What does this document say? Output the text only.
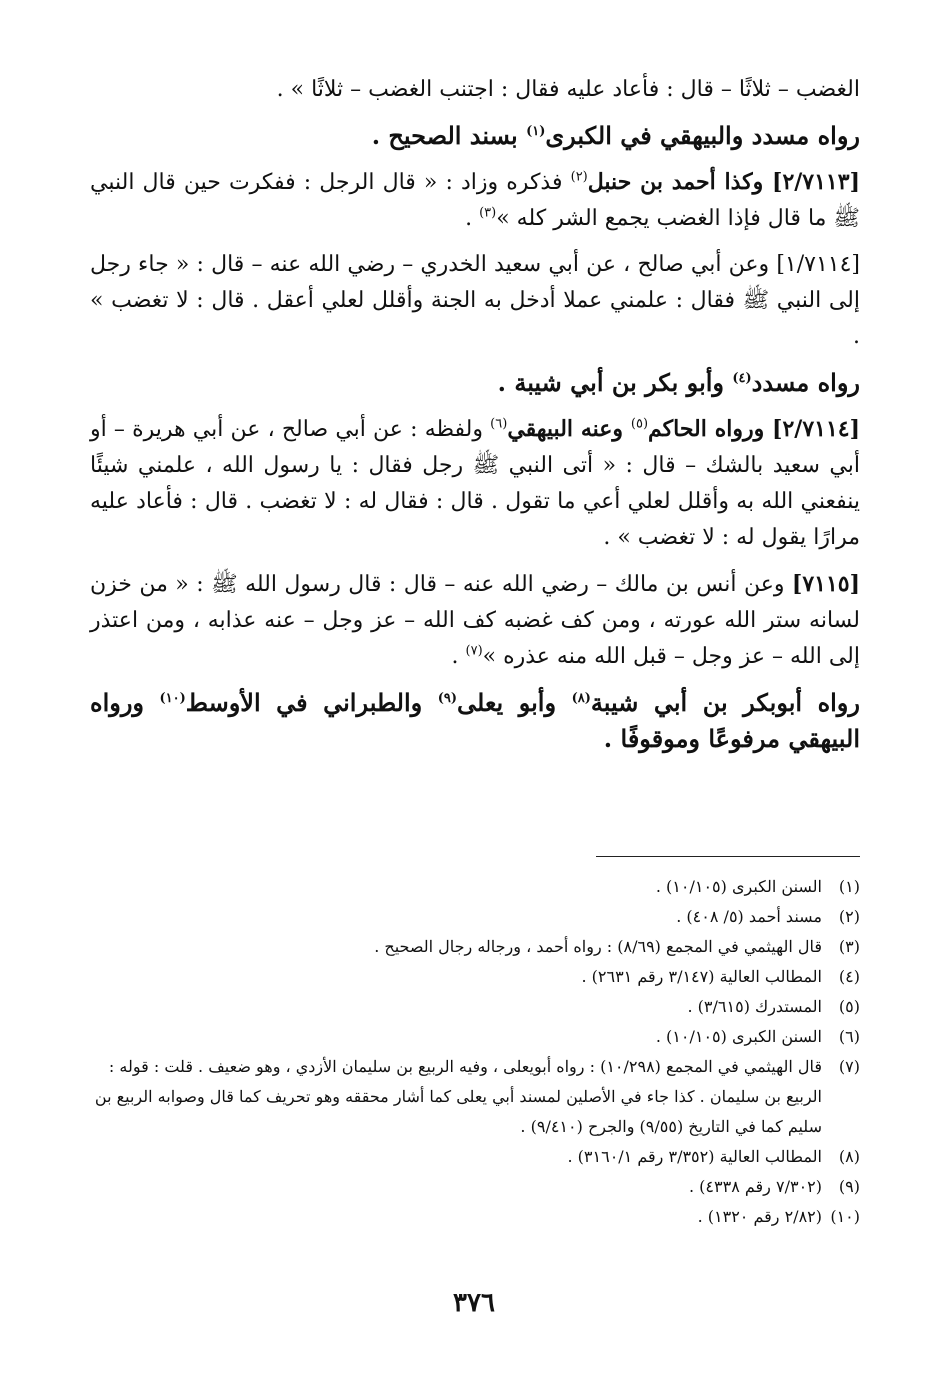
الغضب – ثلاثًا – قال : فأعاد عليه فقال : اجتنب الغضب – ثلاثًا » .

رواه مسدد والبيهقي في الكبرى$^{(١)}$ بسند الصحيح .

[٢/٧١١٣] وكذا أحمد بن حنبل$^{(٢)}$ فذكره وزاد : « قال الرجل : ففكرت حين قال النبي ﷺ ما قال فإذا الغضب يجمع الشر كله »$^{(٣)}$ .

[١/٧١١٤] وعن أبي صالح ، عن أبي سعيد الخدري – رضي الله عنه – قال : « جاء رجل إلى النبي ﷺ فقال : علمني عملا أدخل به الجنة وأقلل لعلي أعقل . قال : لا تغضب » .

رواه مسدد$^{(٤)}$ وأبو بكر بن أبي شيبة .

[٢/٧١١٤] ورواه الحاكم$^{(٥)}$ وعنه البيهقي$^{(٦)}$ ولفظه : عن أبي صالح ، عن أبي هريرة – أو أبي سعيد بالشك – قال : « أتى النبي ﷺ رجل فقال : يا رسول الله ، علمني شيئًا ينفعني الله به وأقلل لعلي أعي ما تقول . قال : فقال له : لا تغضب . قال : فأعاد عليه مرارًا يقول له : لا تغضب » .

[٧١١٥] وعن أنس بن مالك – رضي الله عنه – قال : قال رسول الله ﷺ : « من خزن لسانه ستر الله عورته ، ومن كف غضبه كف الله – عز وجل – عنه عذابه ، ومن اعتذر إلى الله – عز وجل – قبل الله منه عذره »$^{(٧)}$ .

رواه أبوبكر بن أبي شيبة$^{(٨)}$ وأبو يعلى$^{(٩)}$ والطبراني في الأوسط$^{(١٠)}$ ورواه البيهقي مرفوعًا وموقوفًا .

(١)
السنن الكبرى (١٠/١٠٥) .
(٢)
مسند أحمد (٥/ ٤٠٨) .
(٣)
قال الهيثمي في المجمع (٨/٦٩) : رواه أحمد ، ورجاله رجال الصحيح .
(٤)
المطالب العالية (٣/١٤٧ رقم ٢٦٣١) .
(٥)
المستدرك (٣/٦١٥) .
(٦)
السنن الكبرى (١٠/١٠٥) .
(٧)
قال الهيثمي في المجمع (١٠/٢٩٨) : رواه أبويعلى ، وفيه الربيع بن سليمان الأزدي ، وهو ضعيف . قلت : قوله : الربيع بن سليمان . كذا جاء في الأصلين لمسند أبي يعلى كما أشار محققه وهو تحريف كما قال وصوابه الربيع بن سليم كما في التاريخ (٩/٥٥) والجرح (٩/٤١٠) .
(٨)
المطالب العالية (٣/٣٥٢ رقم ٣١٦٠/١) .
(٩)
(٧/٣٠٢ رقم ٤٣٣٨) .
(١٠)
(٢/٨٢ رقم ١٣٢٠) .
٣٧٦
